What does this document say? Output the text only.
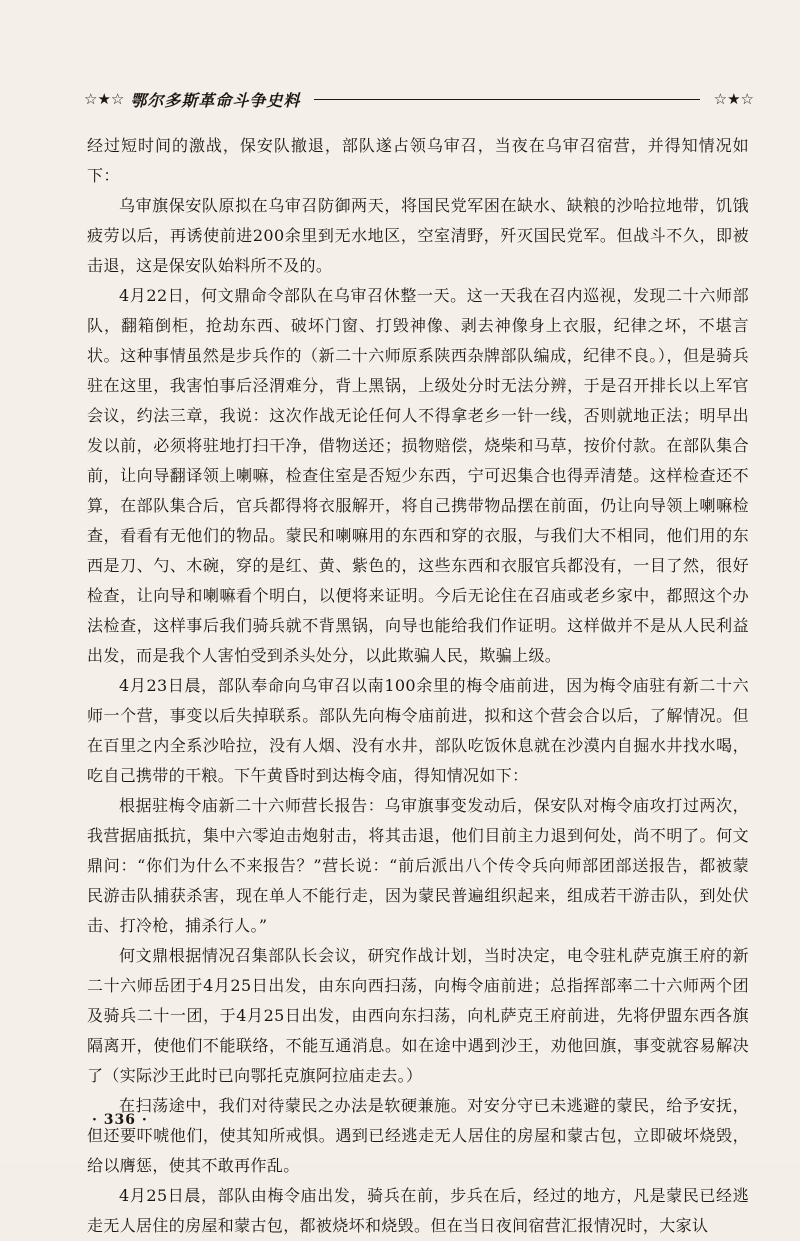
☆★☆ 鄂尔多斯革命斗争史料	☆★☆

经过短时间的激战，保安队撤退，部队遂占领乌审召，当夜在乌审召宿营，并得知情况如下：

乌审旗保安队原拟在乌审召防御两天，将国民党军困在缺水、缺粮的沙哈拉地带，饥饿疲劳以后，再诱使前进200余里到无水地区，空室清野，歼灭国民党军。但战斗不久，即被击退，这是保安队始料所不及的。

4月22日，何文鼎命令部队在乌审召休整一天。这一天我在召内巡视，发现二十六师部队，翻箱倒柜，抢劫东西、破坏门窗、打毁神像、剥去神像身上衣服，纪律之坏，不堪言状。这种事情虽然是步兵作的（新二十六师原系陕西杂牌部队编成，纪律不良。），但是骑兵驻在这里，我害怕事后泾渭难分，背上黑锅，上级处分时无法分辨，于是召开排长以上军官会议，约法三章，我说：这次作战无论任何人不得拿老乡一针一线，否则就地正法；明早出发以前，必须将驻地打扫干净，借物送还；损物赔偿，烧柴和马草，按价付款。在部队集合前，让向导翻译领上喇嘛，检查住室是否短少东西，宁可迟集合也得弄清楚。这样检查还不算，在部队集合后，官兵都得将衣服解开，将自己携带物品摆在前面，仍让向导领上喇嘛检查，看看有无他们的物品。蒙民和喇嘛用的东西和穿的衣服，与我们大不相同，他们用的东西是刀、勺、木碗，穿的是红、黄、紫色的，这些东西和衣服官兵都没有，一目了然，很好检查，让向导和喇嘛看个明白，以便将来证明。今后无论住在召庙或老乡家中，都照这个办法检查，这样事后我们骑兵就不背黑锅，向导也能给我们作证明。这样做并不是从人民利益出发，而是我个人害怕受到杀头处分，以此欺骗人民，欺骗上级。

4月23日晨，部队奉命向乌审召以南100余里的梅令庙前进，因为梅令庙驻有新二十六师一个营，事变以后失掉联系。部队先向梅令庙前进，拟和这个营会合以后，了解情况。但在百里之内全系沙哈拉，没有人烟、没有水井，部队吃饭休息就在沙漠内自掘水井找水喝，吃自己携带的干粮。下午黄昏时到达梅令庙，得知情况如下：

根据驻梅令庙新二十六师营长报告：乌审旗事变发动后，保安队对梅令庙攻打过两次，我营据庙抵抗，集中六零迫击炮射击，将其击退，他们目前主力退到何处，尚不明了。何文鼎问：“你们为什么不来报告？”营长说：“前后派出八个传令兵向师部团部送报告，都被蒙民游击队捕获杀害，现在单人不能行走，因为蒙民普遍组织起来，组成若干游击队，到处伏击、打冷枪，捕杀行人。”

何文鼎根据情况召集部队长会议，研究作战计划，当时决定，电令驻札萨克旗王府的新二十六师岳团于4月25日出发，由东向西扫荡，向梅令庙前进；总指挥部率二十六师两个团及骑兵二十一团，于4月25日出发，由西向东扫荡，向札萨克王府前进，先将伊盟东西各旗隔离开，使他们不能联络，不能互通消息。如在途中遇到沙王，劝他回旗，事变就容易解决了（实际沙王此时已向鄂托克旗阿拉庙走去。）

在扫荡途中，我们对待蒙民之办法是软硬兼施。对安分守已未逃避的蒙民，给予安抚，但还要吓唬他们，使其知所戒惧。遇到已经逃走无人居住的房屋和蒙古包，立即破坏烧毁，给以膺惩，使其不敢再作乱。

4月25日晨，部队由梅令庙出发，骑兵在前，步兵在后，经过的地方，凡是蒙民已经逃走无人居住的房屋和蒙古包，都被烧坏和烧毁。但在当日夜间宿营汇报情况时，大家认

· 336 ·
